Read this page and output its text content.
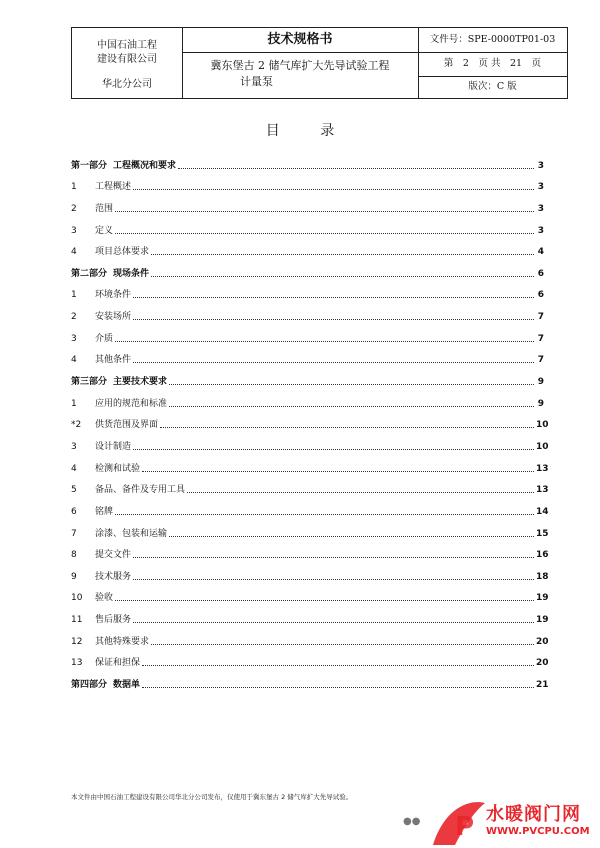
中国石油工程
建设有限公司
华北分公司
技术规格书
冀东堡古 2 储气库扩大先导试验工程
计量泵
文件号：SPE-0000TP01-03
第　2　页 共　21　页
版次：C 版
目 录
第一部分 工程概况和要求	3
1	工程概述	3
2	范围	3
3	定义	3
4	项目总体要求	4
第二部分 现场条件	6
1	环境条件	6
2	安装场所	7
3	介质	7
4	其他条件	7
第三部分 主要技术要求	9
1	应用的规范和标准	9
*2	供货范围及界面	10
3	设计制造	10
4	检测和试验	13
5	备品、备件及专用工具	13
6	铭牌	14
7	涂漆、包装和运输	15
8	提交文件	16
9	技术服务	18
10	验收	19
11	售后服务	19
12	其他特殊要求	20
13	保证和担保	20
第四部分 数据单	21
本文件由中国石油工程建设有限公司华北分公司发布，仅使用于冀东堡古 2 储气库扩大先导试验。
●● P 水暖阀门网
WWW.PVCPU.COM
